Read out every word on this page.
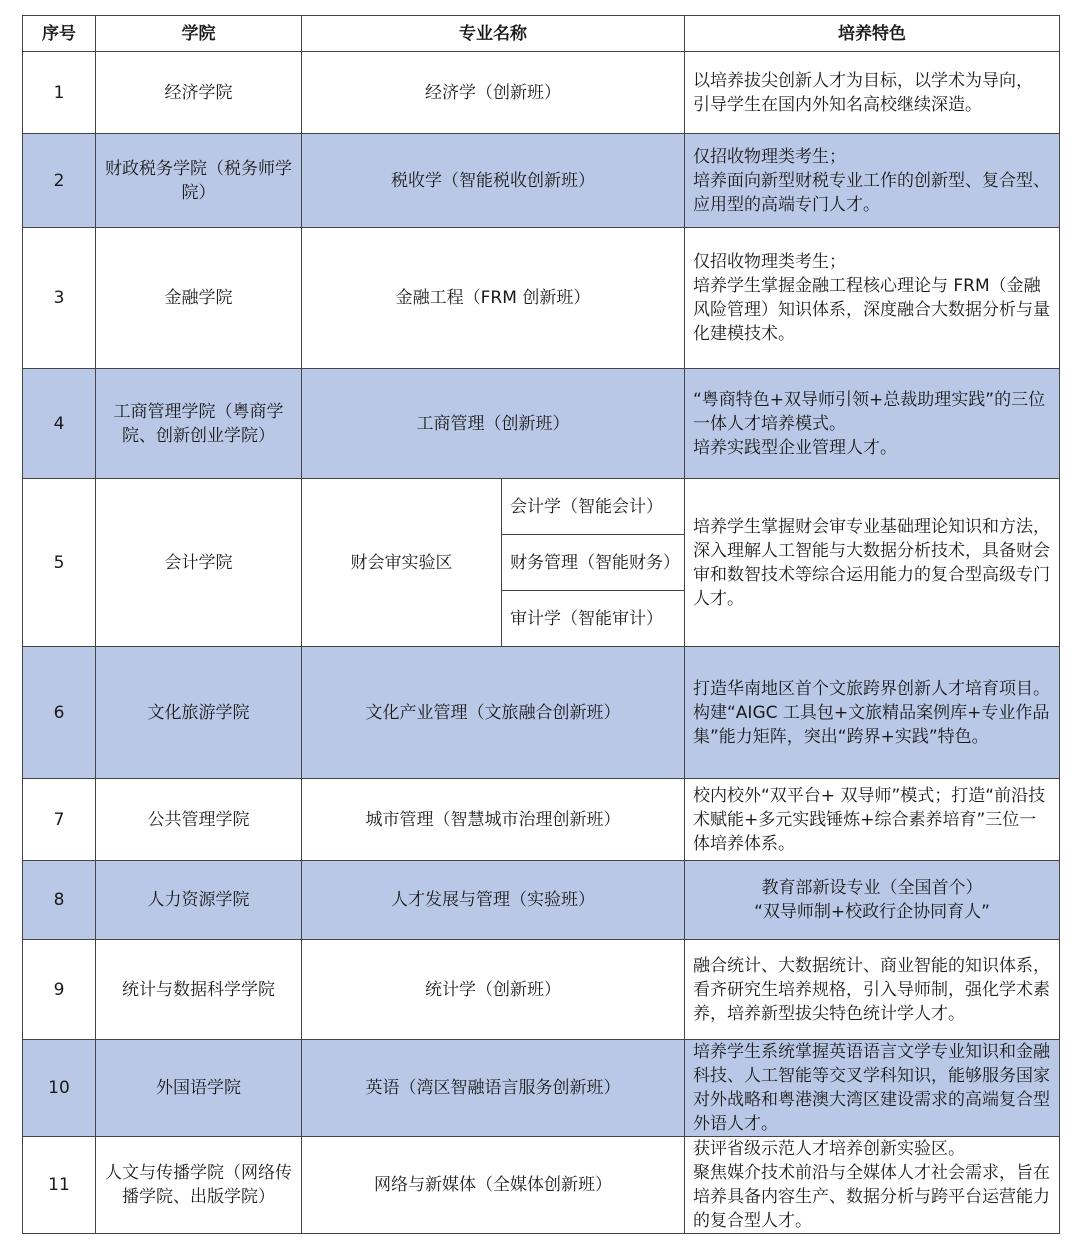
序号	学院	专业名称		培养特色
1	经济学院	经济学（创新班）		以培养拔尖创新人才为目标，以学术为导向，
引导学生在国内外知名高校继续深造。

2	财政税务学院（税务师学院）	税收学（智能税收创新班）		仅招收物理类考生；
培养面向新型财税专业工作的创新型、复合型、应用型的高端专门人才。

3	金融学院	金融工程（FRM 创新班）		仅招收物理类考生；
培养学生掌握金融工程核心理论与 FRM（金融风险管理）知识体系，深度融合大数据分析与量化建模技术。

4	工商管理学院（粤商学院、创新创业学院）	工商管理（创新班）		“粤商特色+双导师引领+总裁助理实践”的三位一体人才培养模式。
培养实践型企业管理人才。

5	会计学院	财会审实验区	会计学（智能会计）	培养学生掌握财会审专业基础理论知识和方法，深入理解人工智能与大数据分析技术，具备财会审和数智技术等综合运用能力的复合型高级专门人才。

			财务管理（智能财务）	
			审计学（智能审计）	
6	文化旅游学院	文化产业管理（文旅融合创新班）		打造华南地区首个文旅跨界创新人才培育项目。构建“AIGC 工具包+文旅精品案例库+专业作品集”能力矩阵，突出“跨界+实践”特色。

7	公共管理学院	城市管理（智慧城市治理创新班）		校内校外“双平台+ 双导师”模式；打造“前沿技术赋能+多元实践锤炼+综合素养培育”三位一体培养体系。

8	人力资源学院	人才发展与管理（实验班）		教育部新设专业（全国首个）
“双导师制+校政行企协同育人”

9	统计与数据科学学院	统计学（创新班）		融合统计、大数据统计、商业智能的知识体系，看齐研究生培养规格，引入导师制，强化学术素养，培养新型拔尖特色统计学人才。

10	外国语学院	英语（湾区智融语言服务创新班）		培养学生系统掌握英语语言文学专业知识和金融科技、人工智能等交叉学科知识，能够服务国家对外战略和粤港澳大湾区建设需求的高端复合型外语人才。

11	人文与传播学院（网络传播学院、出版学院）	网络与新媒体（全媒体创新班）		获评省级示范人才培养创新实验区。
聚焦媒介技术前沿与全媒体人才社会需求，旨在培养具备内容生产、数据分析与跨平台运营能力的复合型人才。
